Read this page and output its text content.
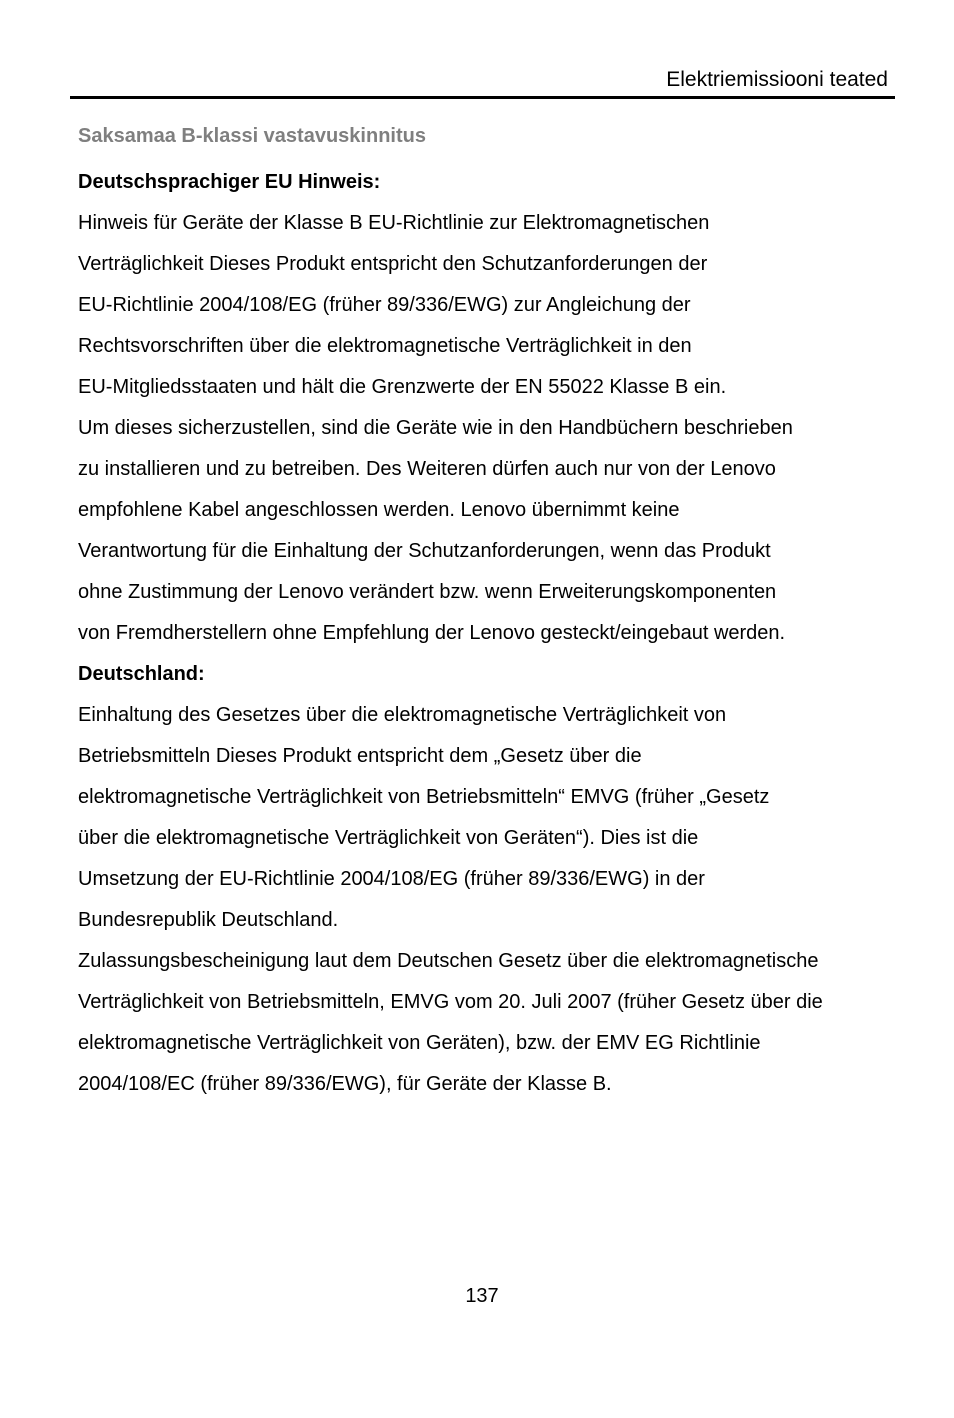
Elektriemissiooni teated

Saksamaa B-klassi vastavuskinnitus

Deutschsprachiger EU Hinweis:

Hinweis für Geräte der Klasse B EU-Richtlinie zur Elektromagnetischen

Verträglichkeit Dieses Produkt entspricht den Schutzanforderungen der

EU-Richtlinie 2004/108/EG (früher 89/336/EWG) zur Angleichung der

Rechtsvorschriften über die elektromagnetische Verträglichkeit in den

EU-Mitgliedsstaaten und hält die Grenzwerte der EN 55022 Klasse B ein.

Um dieses sicherzustellen, sind die Geräte wie in den Handbüchern beschrieben

zu installieren und zu betreiben. Des Weiteren dürfen auch nur von der Lenovo

empfohlene Kabel angeschlossen werden. Lenovo übernimmt keine

Verantwortung für die Einhaltung der Schutzanforderungen, wenn das Produkt

ohne Zustimmung der Lenovo verändert bzw. wenn Erweiterungskomponenten

von Fremdherstellern ohne Empfehlung der Lenovo gesteckt/eingebaut werden.

Deutschland:

Einhaltung des Gesetzes über die elektromagnetische Verträglichkeit von

Betriebsmitteln Dieses Produkt entspricht dem „Gesetz über die

elektromagnetische Verträglichkeit von Betriebsmitteln“ EMVG (früher „Gesetz

über die elektromagnetische Verträglichkeit von Geräten“). Dies ist die

Umsetzung der EU-Richtlinie 2004/108/EG (früher 89/336/EWG) in der

Bundesrepublik Deutschland.

Zulassungsbescheinigung laut dem Deutschen Gesetz über die elektromagnetische

Verträglichkeit von Betriebsmitteln, EMVG vom 20. Juli 2007 (früher Gesetz über die

elektromagnetische Verträglichkeit von Geräten), bzw. der EMV EG Richtlinie

2004/108/EC (früher 89/336/EWG), für Geräte der Klasse B.

137
